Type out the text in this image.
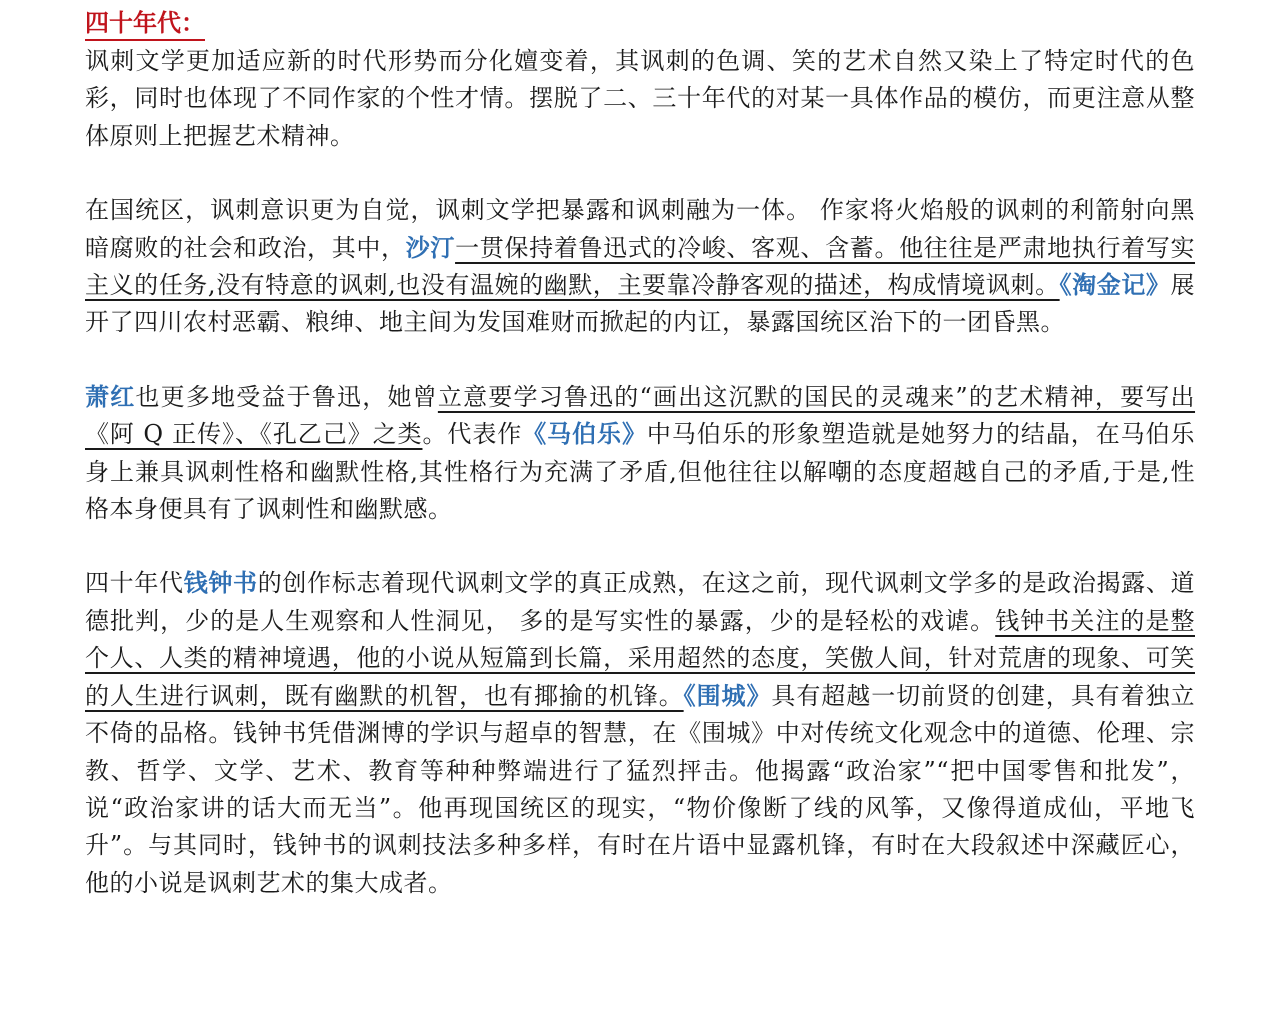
四十年代：

讽刺文学更加适应新的时代形势而分化嬗变着，其讽刺的色调、笑的艺术自然又染上了特定时代的色彩，同时也体现了不同作家的个性才情。摆脱了二、三十年代的对某一具体作品的模仿，而更注意从整体原则上把握艺术精神。

在国统区，讽刺意识更为自觉，讽刺文学把暴露和讽刺融为一体。 作家将火焰般的讽刺的利箭射向黑暗腐败的社会和政治，其中，沙汀一贯保持着鲁迅式的冷峻、客观、含蓄。他往往是严肃地执行着写实主义的任务,没有特意的讽刺,也没有温婉的幽默，主要靠冷静客观的描述，构成情境讽刺。《淘金记》展开了四川农村恶霸、粮绅、地主间为发国难财而掀起的内讧，暴露国统区治下的一团昏黑。

萧红也更多地受益于鲁迅，她曾立意要学习鲁迅的“画出这沉默的国民的灵魂来”的艺术精神，要写出《阿 Q 正传》、《孔乙己》之类。代表作《马伯乐》中马伯乐的形象塑造就是她努力的结晶，在马伯乐身上兼具讽刺性格和幽默性格,其性格行为充满了矛盾,但他往往以解嘲的态度超越自己的矛盾,于是,性格本身便具有了讽刺性和幽默感。

四十年代钱钟书的创作标志着现代讽刺文学的真正成熟，在这之前，现代讽刺文学多的是政治揭露、道德批判，少的是人生观察和人性洞见， 多的是写实性的暴露，少的是轻松的戏谑。钱钟书关注的是整个人、人类的精神境遇，他的小说从短篇到长篇，采用超然的态度，笑傲人间，针对荒唐的现象、可笑的人生进行讽刺，既有幽默的机智，也有揶揄的机锋。《围城》具有超越一切前贤的创建，具有着独立不倚的品格。钱钟书凭借渊博的学识与超卓的智慧，在《围城》中对传统文化观念中的道德、伦理、宗教、哲学、文学、艺术、教育等种种弊端进行了猛烈抨击。他揭露“政治家”“把中国零售和批发”，说“政治家讲的话大而无当”。他再现国统区的现实，“物价像断了线的风筝，又像得道成仙，平地飞升”。与其同时，钱钟书的讽刺技法多种多样，有时在片语中显露机锋，有时在大段叙述中深藏匠心，他的小说是讽刺艺术的集大成者。
